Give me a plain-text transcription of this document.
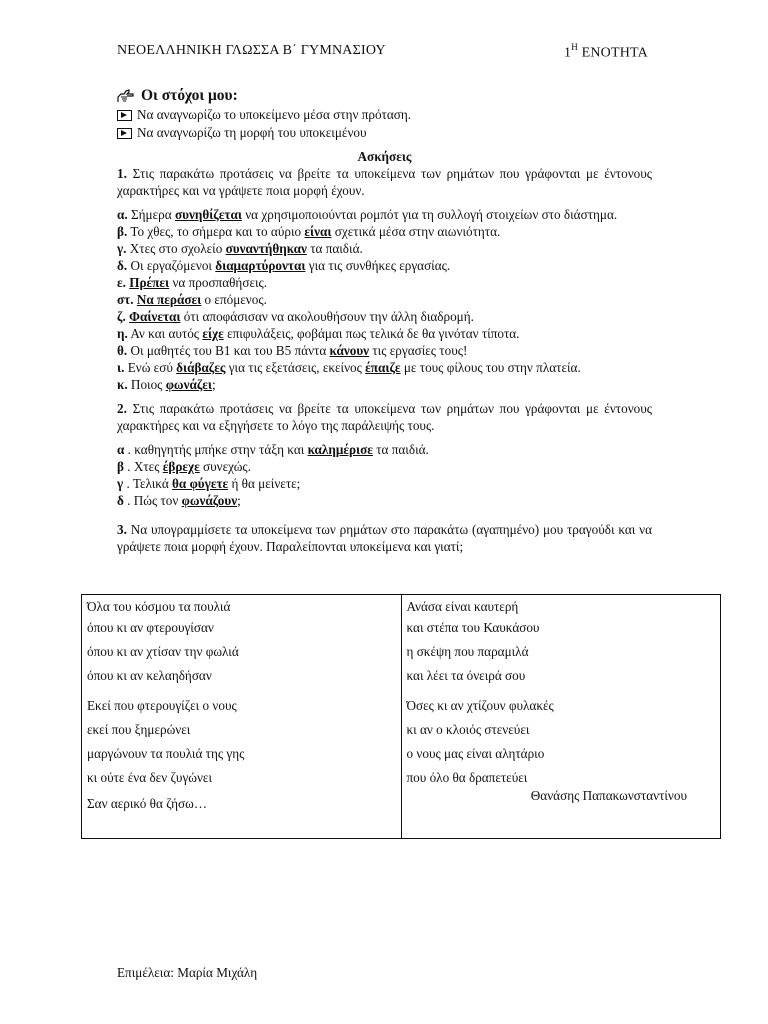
ΝΕΟΕΛΛΗΝΙΚΗ ΓΛΩΣΣΑ Β΄ ΓΥΜΝΑΣΙΟΥ	$1^H$ ΕΝΟΤΗΤΑ
Οι στόχοι μου:
Να αναγνωρίζω το υποκείμενο μέσα στην πρόταση.
Να αναγνωρίζω τη μορφή του υποκειμένου
Ασκήσεις

1. Στις παρακάτω προτάσεις να βρείτε τα υποκείμενα των ρημάτων που γράφονται με έντονους χαρακτήρες και να γράψετε ποια μορφή έχουν.

α. Σήμερα συνηθίζεται να χρησιμοποιούνται ρομπότ για τη συλλογή στοιχείων στο διάστημα.

β. Το χθες, το σήμερα και το αύριο είναι σχετικά μέσα στην αιωνιότητα.

γ. Χτες στο σχολείο συναντήθηκαν τα παιδιά.

δ. Οι εργαζόμενοι διαμαρτύρονται για τις συνθήκες εργασίας.

ε. Πρέπει να προσπαθήσεις.

στ. Να περάσει ο επόμενος.

ζ. Φαίνεται ότι αποφάσισαν να ακολουθήσουν την άλλη διαδρομή.

η. Αν και αυτός είχε επιφυλάξεις, φοβάμαι πως τελικά δε θα γινόταν τίποτα.

θ. Οι μαθητές του Β1 και του Β5 πάντα κάνουν τις εργασίες τους!

ι. Ενώ εσύ διάβαζες για τις εξετάσεις, εκείνος έπαιζε με τους φίλους του στην πλατεία.

κ. Ποιος φωνάζει;

2. Στις παρακάτω προτάσεις να βρείτε τα υποκείμενα των ρημάτων που γράφονται με έντονους χαρακτήρες και να εξηγήσετε το λόγο της παράλειψής τους.

α . καθηγητής μπήκε στην τάξη και καλημέρισε τα παιδιά.

β . Χτες έβρεχε συνεχώς.

γ . Τελικά θα φύγετε ή θα μείνετε;

δ . Πώς τον φωνάζουν;

3. Να υπογραμμίσετε τα υποκείμενα των ρημάτων στο παρακάτω (αγαπημένο) μου τραγούδι και να γράψετε ποια μορφή έχουν. Παραλείπονται υποκείμενα και γιατί;

Όλα του κόσμου τα πουλιά
όπου κι αν φτερουγίσαν
όπου κι αν χτίσαν την φωλιά
όπου κι αν κελαηδήσαν
Εκεί που φτερουγίζει ο νους
εκεί που ξημερώνει
μαργώνουν τα πουλιά της γης
κι ούτε ένα δεν ζυγώνει
Σαν αερικό θα ζήσω…

Ανάσα είναι καυτερή
και στέπα του Καυκάσου
η σκέψη που παραμιλά
και λέει τα όνειρά σου
Όσες κι αν χτίζουν φυλακές
κι αν ο κλοιός στενεύει
ο νους μας είναι αλητάριο
που όλο θα δραπετεύει
Θανάσης Παπακωνσταντίνου
Επιμέλεια: Μαρία Μιχάλη
